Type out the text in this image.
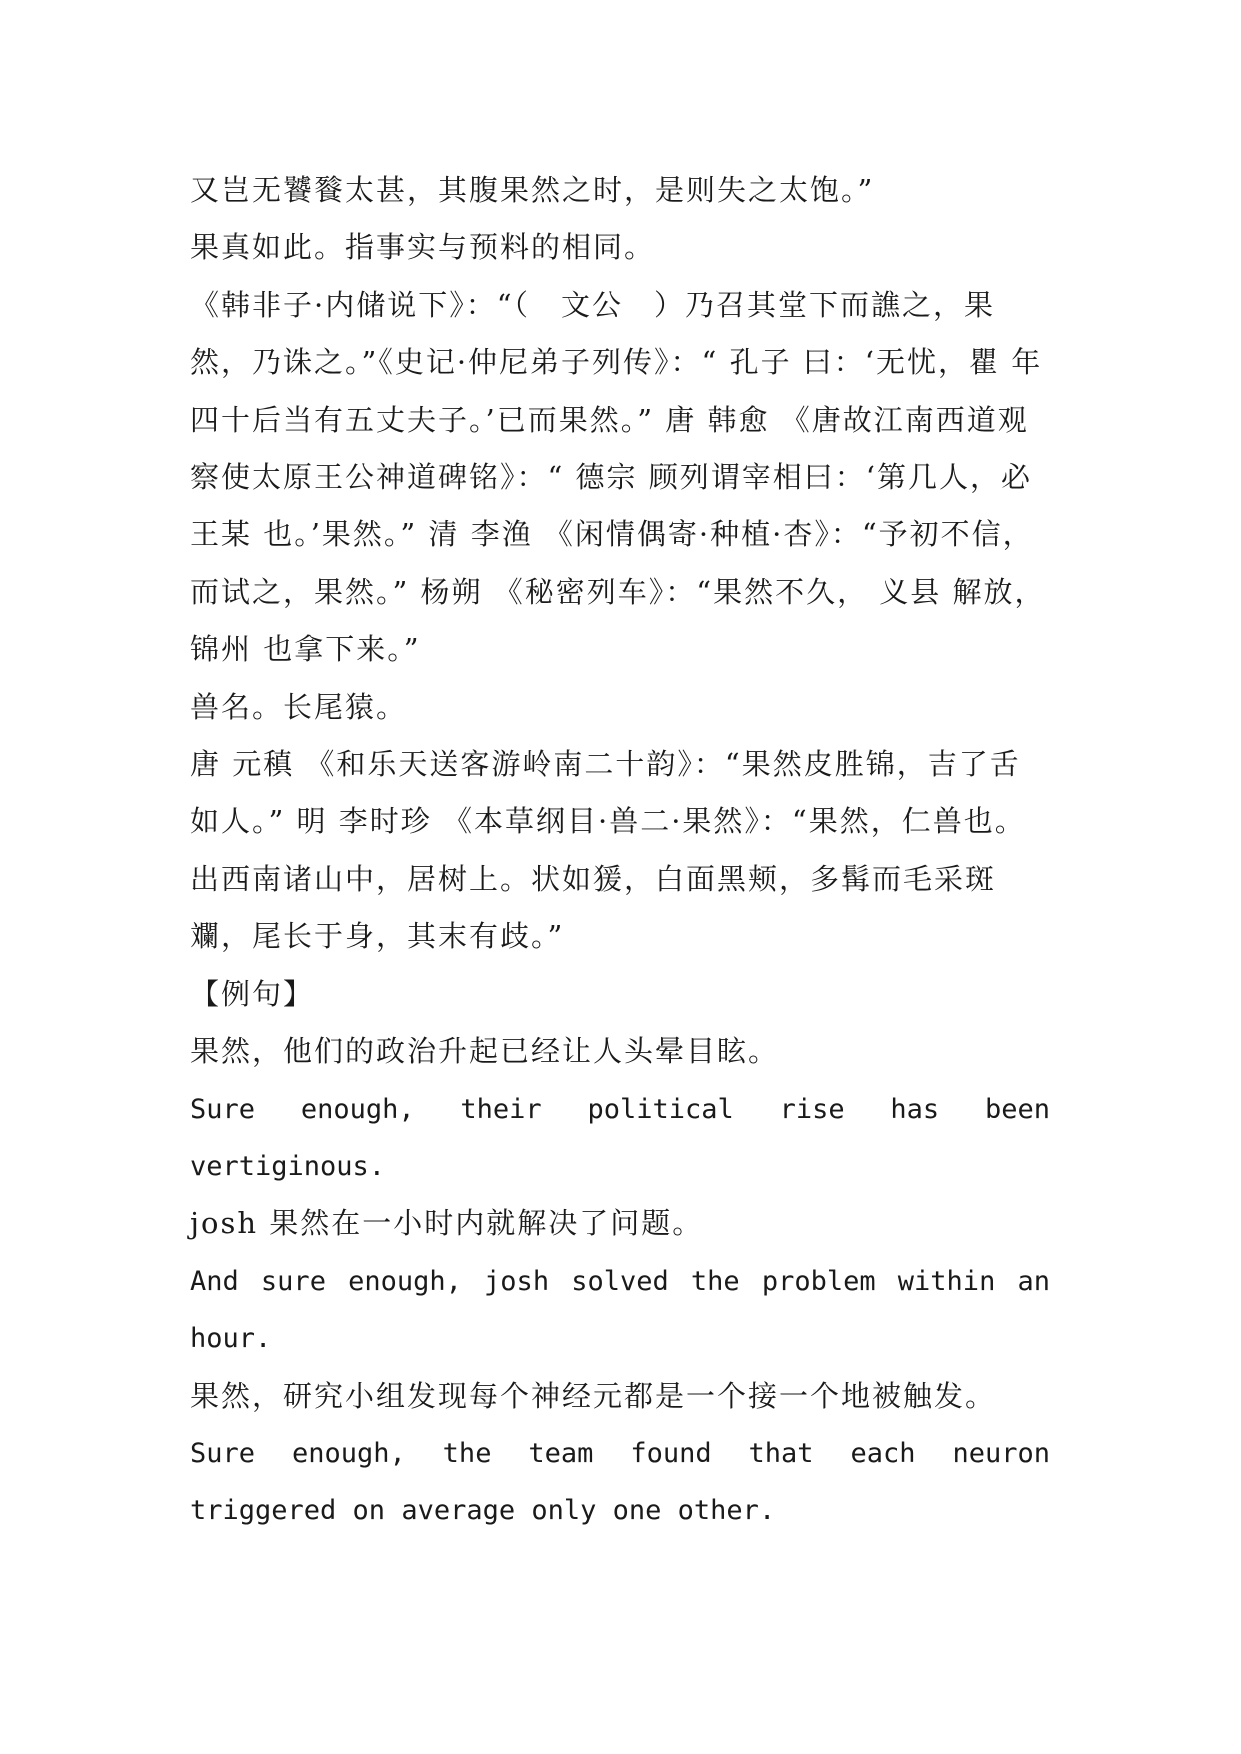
又岂无饕餮太甚，其腹果然之时，是则失之太饱。”

果真如此。指事实与预料的相同。

《韩非子·内储说下》：“（　文公　）乃召其堂下而譙之，果然，乃诛之。”《史记·仲尼弟子列传》：“ 孔子 曰：‘无忧，瞿 年四十后当有五丈夫子。’已而果然。” 唐 韩愈 《唐故江南西道观察使太原王公神道碑铭》：“ 德宗 顾列谓宰相曰：‘第几人，必 王某 也。’果然。” 清 李渔 《闲情偶寄·种植·杏》：“予初不信，而试之，果然。” 杨朔 《秘密列车》：“果然不久， 义县 解放， 锦州 也拿下来。”

兽名。长尾猿。

唐 元稹 《和乐天送客游岭南二十韵》：“果然皮胜锦，吉了舌如人。” 明 李时珍 《本草纲目·兽二·果然》：“果然，仁兽也。出西南诸山中，居树上。状如猨，白面黑颊，多髯而毛采斑斕，尾长于身，其末有歧。”

【例句】

果然，他们的政治升起已经让人头晕目眩。

Sure enough, their political rise has been vertiginous.

josh 果然在一小时内就解决了问题。

And sure enough, josh solved the problem within an hour.

果然，研究小组发现每个神经元都是一个接一个地被触发。

Sure enough, the team found that each neuron triggered on average only one other.
